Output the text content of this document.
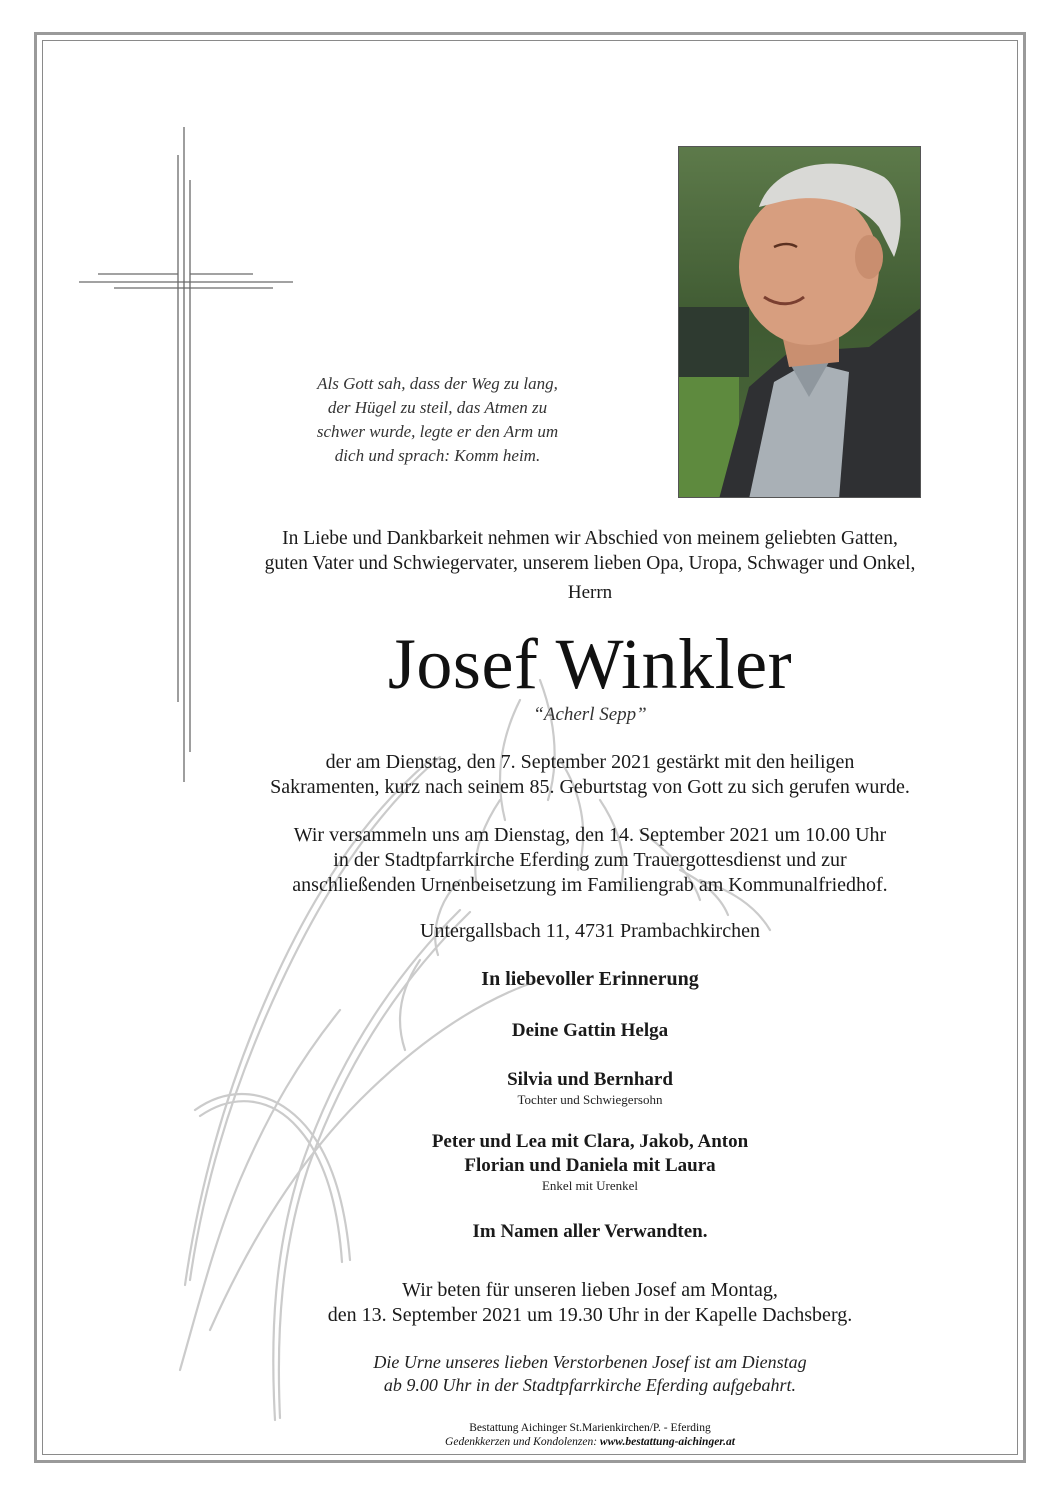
Als Gott sah, dass der Weg zu lang,
der Hügel zu steil, das Atmen zu
schwer wurde, legte er den Arm um
dich und sprach: Komm heim.
In Liebe und Dankbarkeit nehmen wir Abschied von meinem geliebten Gatten,
guten Vater und Schwiegervater, unserem lieben Opa, Uropa, Schwager und Onkel,
Herrn
Josef Winkler
“Acherl Sepp”
der am Dienstag, den 7. September 2021 gestärkt mit den heiligen
Sakramenten, kurz nach seinem 85. Geburtstag von Gott zu sich gerufen wurde.
Wir versammeln uns am Dienstag, den 14. September 2021 um 10.00 Uhr
in der Stadtpfarrkirche Eferding zum Trauergottesdienst und zur
anschließenden Urnenbeisetzung im Familiengrab am Kommunalfriedhof.
Untergallsbach 11, 4731 Prambachkirchen
In liebevoller Erinnerung
Deine Gattin Helga
Silvia und Bernhard
Tochter und Schwiegersohn
Peter und Lea mit Clara, Jakob, Anton
Florian und Daniela mit Laura
Enkel mit Urenkel
Im Namen aller Verwandten.
Wir beten für unseren lieben Josef am Montag,
den 13. September 2021 um 19.30 Uhr in der Kapelle Dachsberg.
Die Urne unseres lieben Verstorbenen Josef ist am Dienstag
ab 9.00 Uhr in der Stadtpfarrkirche Eferding aufgebahrt.
Bestattung Aichinger St.Marienkirchen/P. - Eferding
Gedenkkerzen und Kondolenzen: www.bestattung-aichinger.at
